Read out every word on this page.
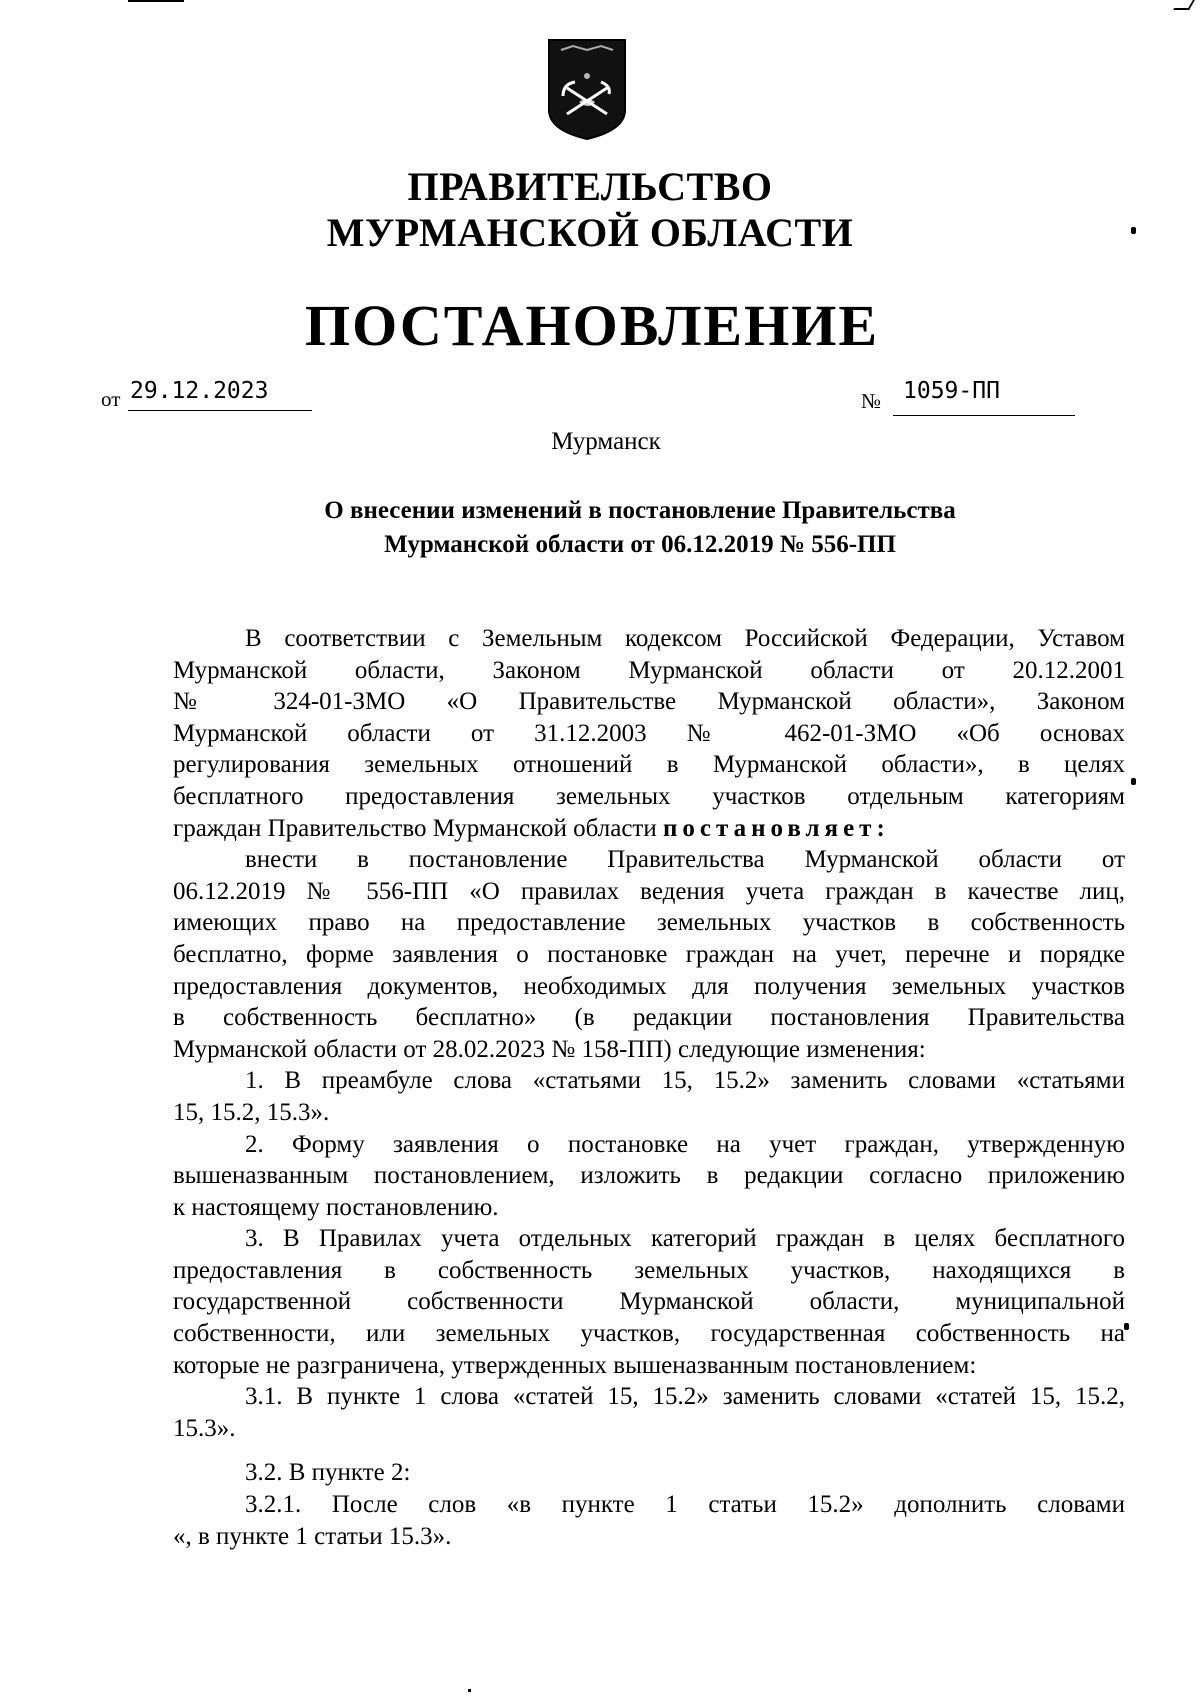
ПРАВИТЕЛЬСТВО
МУРМАНСКОЙ ОБЛАСТИ
ПОСТАНОВЛЕНИЕ
от 29.12.2023	№ 1059-ПП
Мурманск
О внесении изменений в постановление Правительства
Мурманской области от 06.12.2019 № 556-ПП
В соответствии с Земельным кодексом Российской Федерации, Уставом
Мурманской области, Законом Мурманской области от 20.12.2001
№ 324-01-ЗМО «О Правительстве Мурманской области», Законом
Мурманской области от 31.12.2003 № 462-01-ЗМО «Об основах
регулирования земельных отношений в Мурманской области», в целях
бесплатного предоставления земельных участков отдельным категориям
граждан Правительство Мурманской области постановляет:
внести в постановление Правительства Мурманской области от
06.12.2019 № 556-ПП «О правилах ведения учета граждан в качестве лиц,
имеющих право на предоставление земельных участков в собственность
бесплатно, форме заявления о постановке граждан на учет, перечне и порядке
предоставления документов, необходимых для получения земельных участков
в собственность бесплатно» (в редакции постановления Правительства
Мурманской области от 28.02.2023 № 158-ПП) следующие изменения:
1. В преамбуле слова «статьями 15, 15.2» заменить словами «статьями
15, 15.2, 15.3».
2. Форму заявления о постановке на учет граждан, утвержденную
вышеназванным постановлением, изложить в редакции согласно приложению
к настоящему постановлению.
3. В Правилах учета отдельных категорий граждан в целях бесплатного
предоставления в собственность земельных участков, находящихся в
государственной собственности Мурманской области, муниципальной
собственности, или земельных участков, государственная собственность на
которые не разграничена, утвержденных вышеназванным постановлением:
3.1. В пункте 1 слова «статей 15, 15.2» заменить словами «статей 15, 15.2,
15.3».
3.2. В пункте 2:
3.2.1. После слов «в пункте 1 статьи 15.2» дополнить словами
«, в пункте 1 статьи 15.3».
